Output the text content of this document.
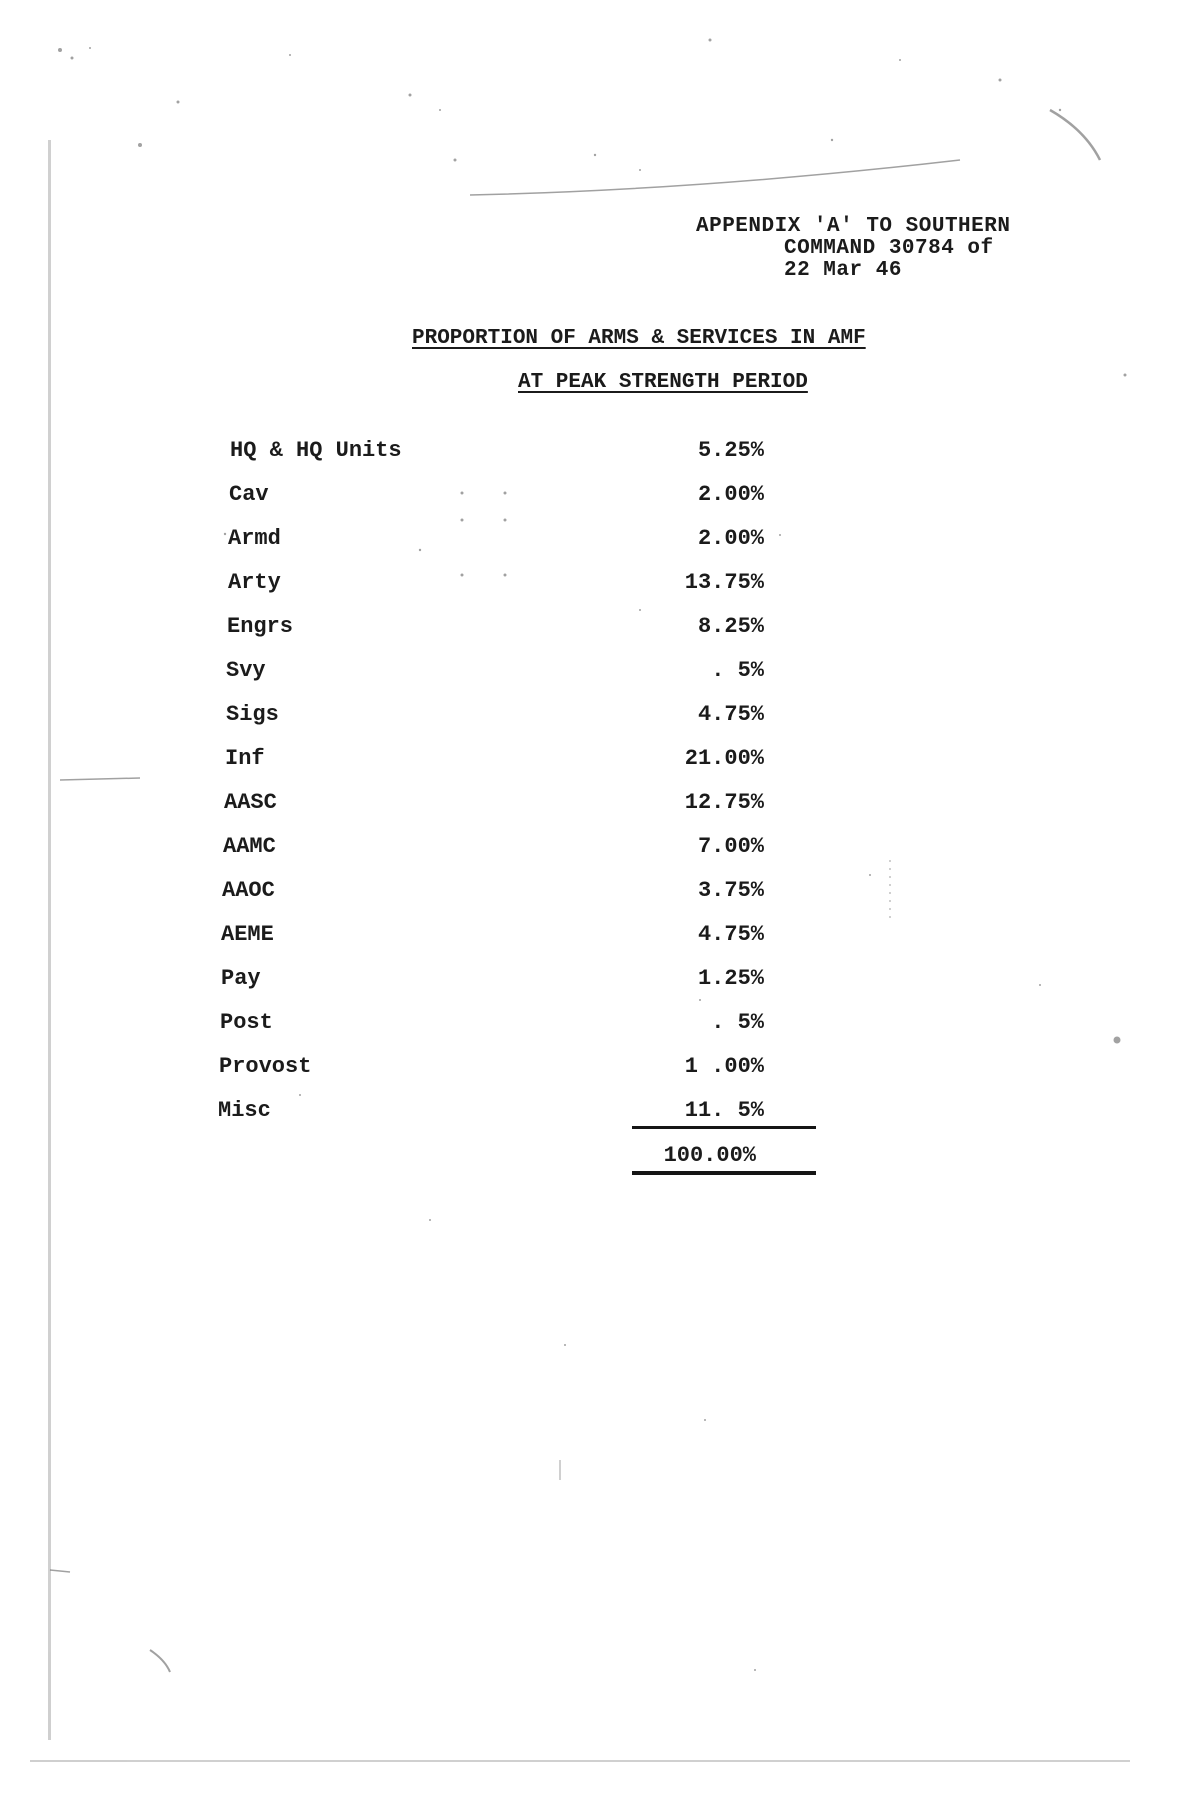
APPENDIX 'A' TO SOUTHERN
COMMAND 30784 of
22 Mar 46
PROPORTION OF ARMS & SERVICES IN AMF
AT PEAK STRENGTH PERIOD
HQ & HQ Units	5.25%
Cav	2.00%
Armd	2.00%
Arty	13.75%
Engrs	8.25%
Svy	. 5%
Sigs	4.75%
Inf	21.00%
AASC	12.75%
AAMC	7.00%
AAOC	3.75%
AEME	4.75%
Pay	1.25%
Post	. 5%
Provost	1 .00%
Misc	11. 5%
100.00%
